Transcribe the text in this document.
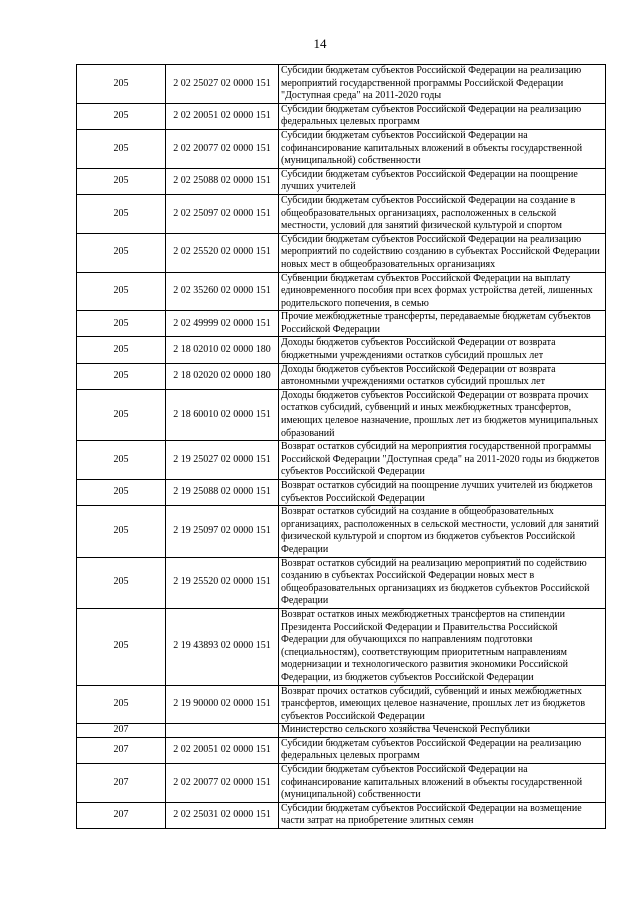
14
205	2 02 25027 02 0000 151	Субсидии бюджетам субъектов Российской Федерации на реализацию мероприятий государственной программы Российской Федерации "Доступная среда" на 2011-2020 годы
205	2 02 20051 02 0000 151	Субсидии бюджетам субъектов Российской Федерации на реализацию федеральных целевых программ
205	2 02 20077 02 0000 151	Субсидии бюджетам субъектов Российской Федерации на софинансирование капитальных вложений в объекты государственной (муниципальной) собственности
205	2 02 25088 02 0000 151	Субсидии бюджетам субъектов Российской Федерации на поощрение лучших учителей
205	2 02 25097 02 0000 151	Субсидии бюджетам субъектов Российской Федерации на создание в общеобразовательных организациях, расположенных в сельской местности, условий для занятий физической культурой и спортом
205	2 02 25520 02 0000 151	Субсидии бюджетам субъектов Российской Федерации на реализацию мероприятий по содействию созданию в субъектах Российской Федерации новых мест в общеобразовательных организациях
205	2 02 35260 02 0000 151	Субвенции бюджетам субъектов Российской Федерации на выплату единовременного пособия при всех формах устройства детей, лишенных родительского попечения, в семью
205	2 02 49999 02 0000 151	Прочие межбюджетные трансферты, передаваемые бюджетам субъектов Российской Федерации
205	2 18 02010 02 0000 180	Доходы бюджетов субъектов Российской Федерации от возврата бюджетными учреждениями остатков субсидий прошлых лет
205	2 18 02020 02 0000 180	Доходы бюджетов субъектов Российской Федерации от возврата автономными учреждениями остатков субсидий прошлых лет
205	2 18 60010 02 0000 151	Доходы бюджетов субъектов Российской Федерации от возврата прочих остатков субсидий, субвенций и иных межбюджетных трансфертов, имеющих целевое назначение, прошлых лет из бюджетов муниципальных образований
205	2 19 25027 02 0000 151	Возврат остатков субсидий на мероприятия государственной программы Российской Федерации "Доступная среда" на 2011-2020 годы из бюджетов субъектов Российской Федерации
205	2 19 25088 02 0000 151	Возврат остатков субсидий на поощрение лучших учителей из бюджетов субъектов Российской Федерации
205	2 19 25097 02 0000 151	Возврат остатков субсидий на создание в общеобразовательных организациях, расположенных в сельской местности, условий для занятий физической культурой и спортом из бюджетов субъектов Российской Федерации
205	2 19 25520 02 0000 151	Возврат остатков субсидий на реализацию мероприятий по содействию созданию в субъектах Российской Федерации новых мест в общеобразовательных организациях из бюджетов субъектов Российской Федерации
205	2 19 43893 02 0000 151	Возврат остатков иных межбюджетных трансфертов на стипендии Президента Российской Федерации и Правительства Российской Федерации для обучающихся по направлениям подготовки (специальностям), соответствующим приоритетным направлениям модернизации и технологического развития экономики Российской Федерации, из бюджетов субъектов Российской Федерации
205	2 19 90000 02 0000 151	Возврат прочих остатков субсидий, субвенций и иных межбюджетных трансфертов, имеющих целевое назначение, прошлых лет из бюджетов субъектов Российской Федерации
207		Министерство сельского хозяйства Чеченской Республики
207	2 02 20051 02 0000 151	Субсидии бюджетам субъектов Российской Федерации на реализацию федеральных целевых программ
207	2 02 20077 02 0000 151	Субсидии бюджетам субъектов Российской Федерации на софинансирование капитальных вложений в объекты государственной (муниципальной) собственности
207	2 02 25031 02 0000 151	Субсидии бюджетам субъектов Российской Федерации на возмещение части затрат на приобретение элитных семян
